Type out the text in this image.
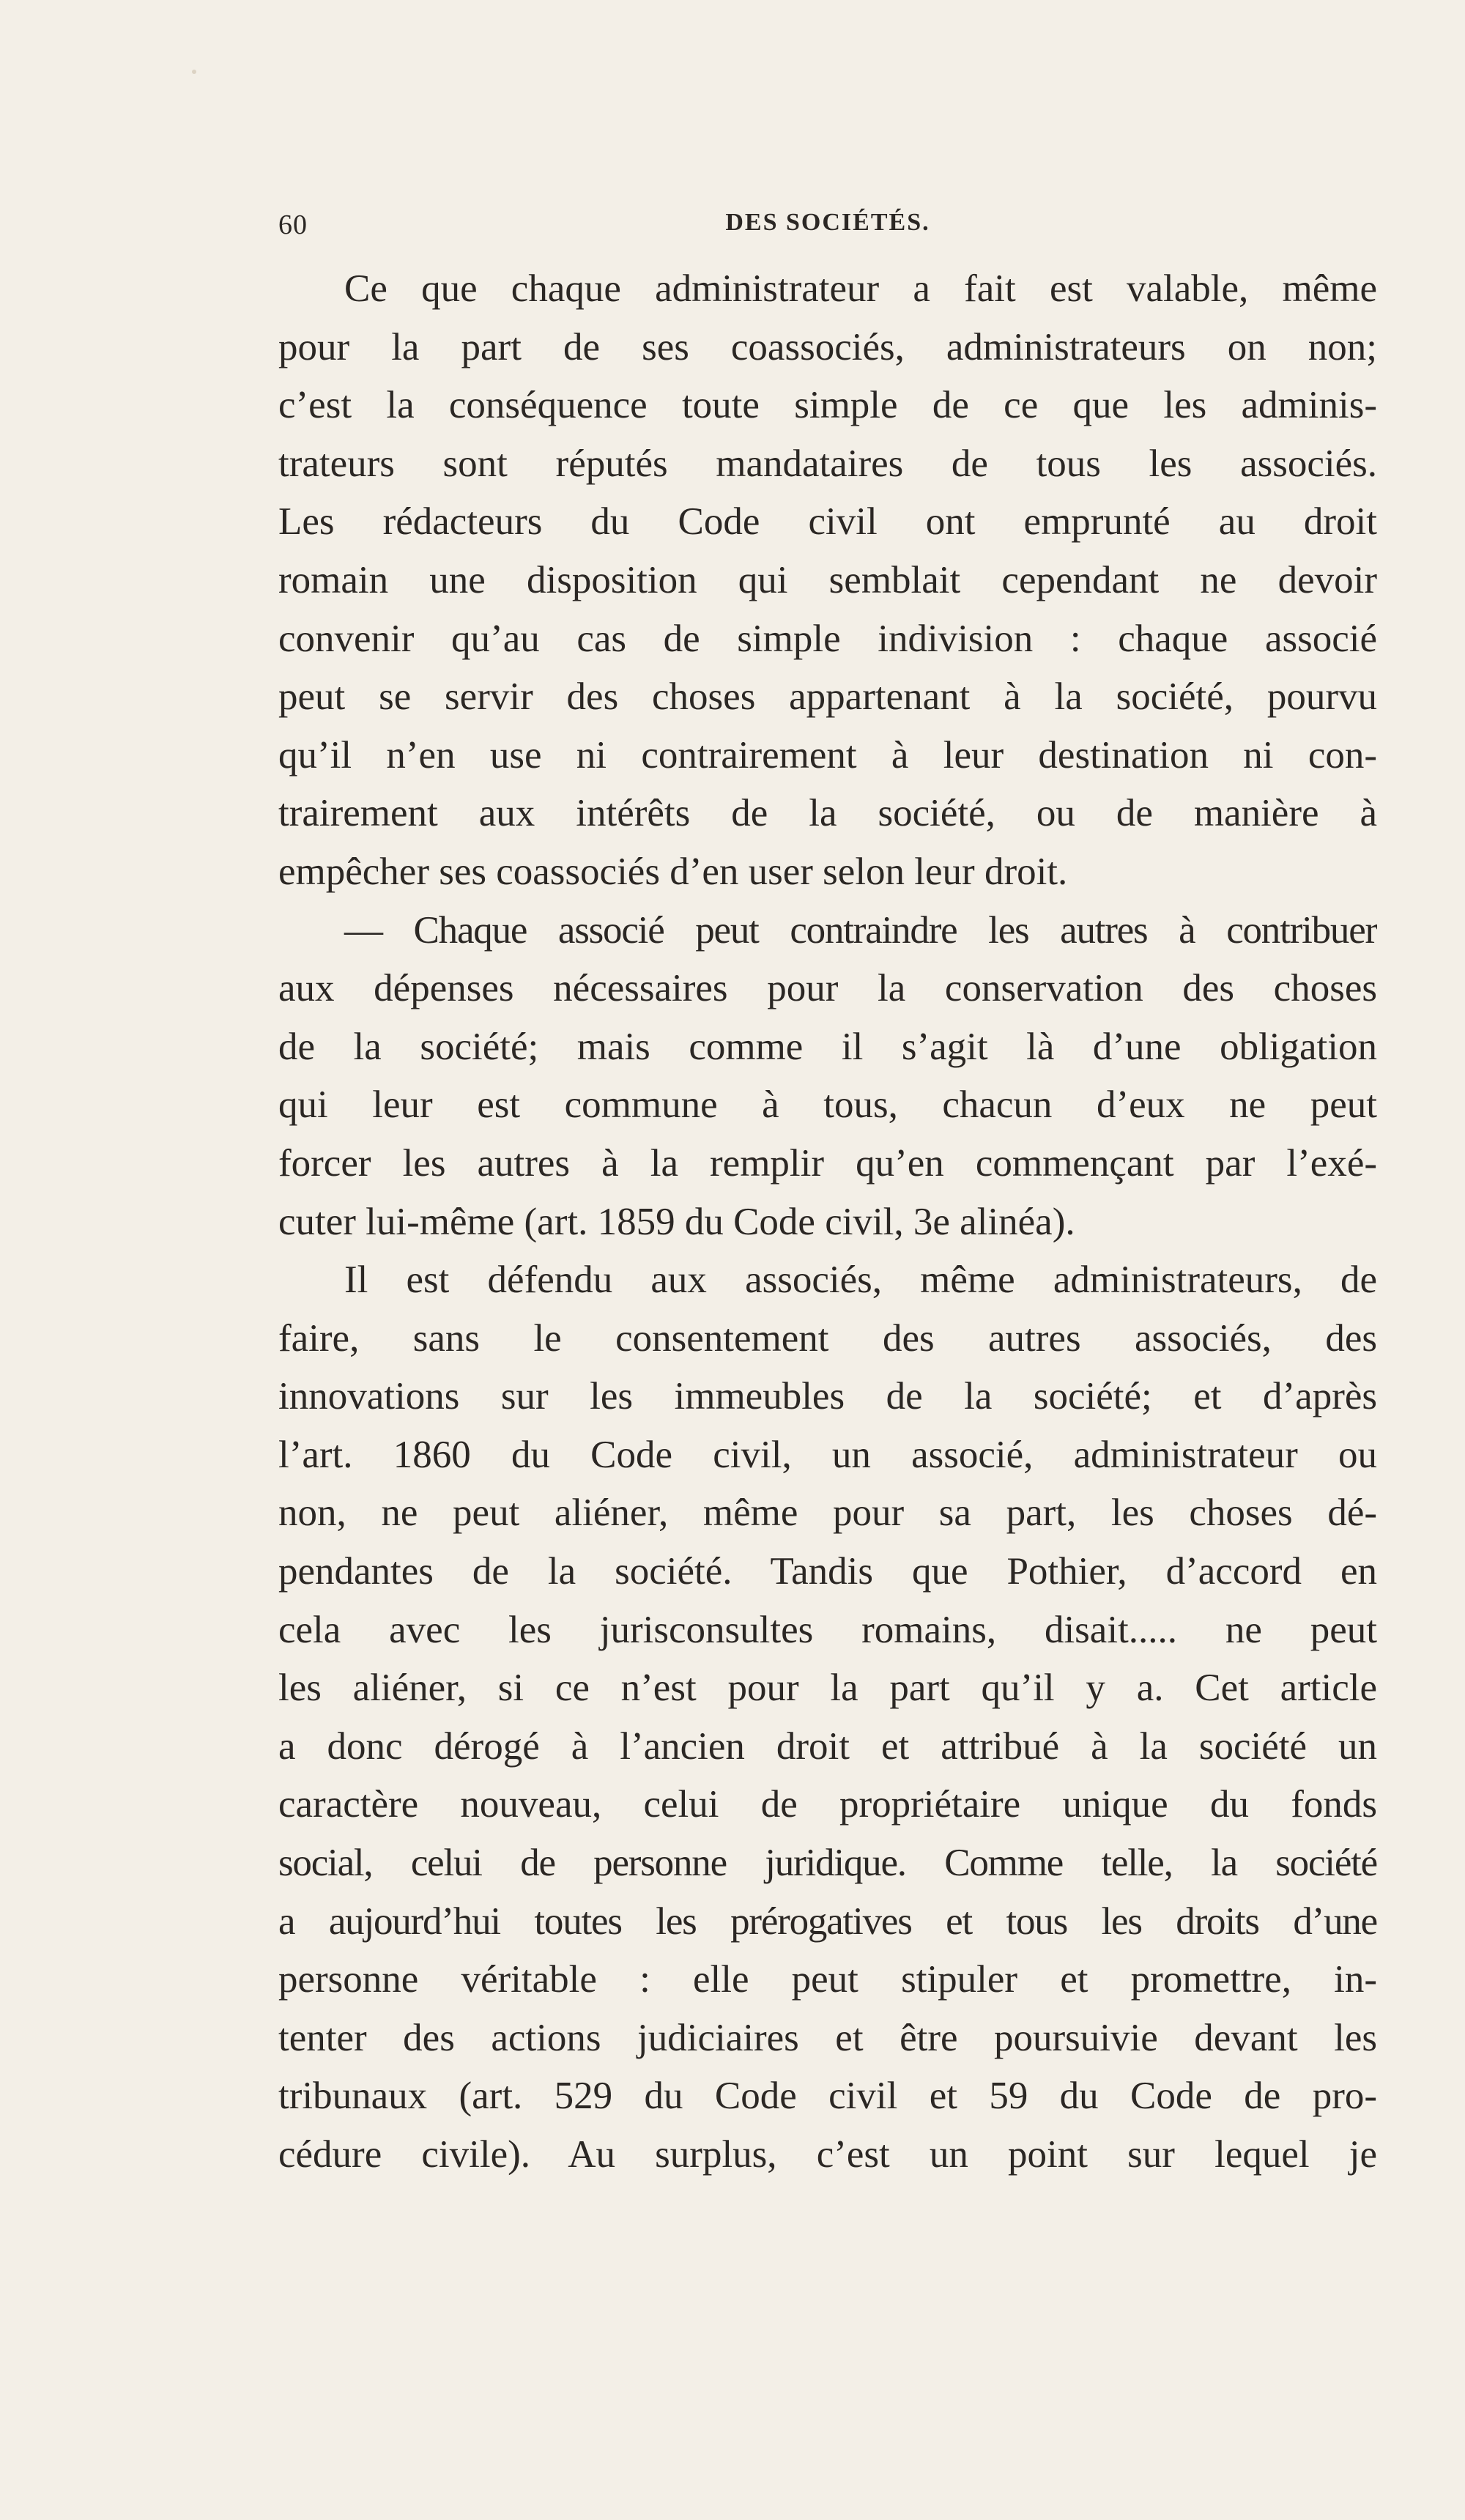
60	DES SOCIÉTÉS.
Ce que chaque administrateur a fait est valable, même
pour la part de ses coassociés, administrateurs on non;
c’est la conséquence toute simple de ce que les adminis-
trateurs sont réputés mandataires de tous les associés.
Les rédacteurs du Code civil ont emprunté au droit
romain une disposition qui semblait cependant ne devoir
convenir qu’au cas de simple indivision : chaque associé
peut se servir des choses appartenant à la société, pourvu
qu’il n’en use ni contrairement à leur destination ni con-
trairement aux intérêts de la société, ou de manière à
empêcher ses coassociés d’en user selon leur droit.
— Chaque associé peut contraindre les autres à contribuer
aux dépenses nécessaires pour la conservation des choses
de la société; mais comme il s’agit là d’une obligation
qui leur est commune à tous, chacun d’eux ne peut
forcer les autres à la remplir qu’en commençant par l’exé-
cuter lui-même (art. 1859 du Code civil, 3e alinéa).
Il est défendu aux associés, même administrateurs, de
faire, sans le consentement des autres associés, des
innovations sur les immeubles de la société; et d’après
l’art. 1860 du Code civil, un associé, administrateur ou
non, ne peut aliéner, même pour sa part, les choses dé-
pendantes de la société. Tandis que Pothier, d’accord en
cela avec les jurisconsultes romains, disait..... ne peut
les aliéner, si ce n’est pour la part qu’il y a. Cet article
a donc dérogé à l’ancien droit et attribué à la société un
caractère nouveau, celui de propriétaire unique du fonds
social, celui de personne juridique. Comme telle, la société
a aujourd’hui toutes les prérogatives et tous les droits d’une
personne véritable : elle peut stipuler et promettre, in-
tenter des actions judiciaires et être poursuivie devant les
tribunaux (art. 529 du Code civil et 59 du Code de pro-
cédure civile). Au surplus, c’est un point sur lequel je
